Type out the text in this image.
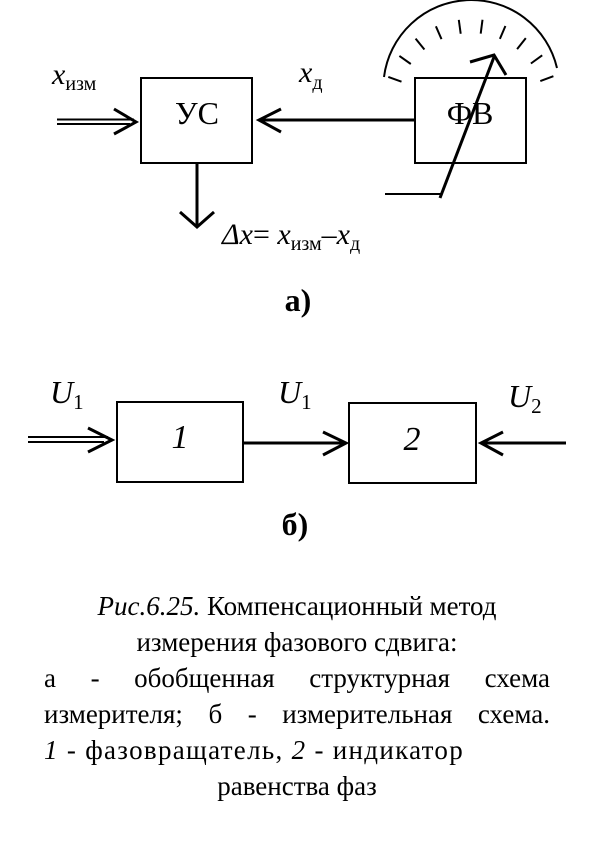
$x_{изм}$
УС
$x_д$
ФВ
$\Delta x= x_{изм}-x_д$
а)
U1
1
U1
2
U2
б)
Рис.6.25. Компенсационный метод
измерения фазового сдвига:
а - обобщенная структурная схема
измерителя; б - измерительная схема.
1 - фазовращатель, 2 - индикатор
равенства фаз
